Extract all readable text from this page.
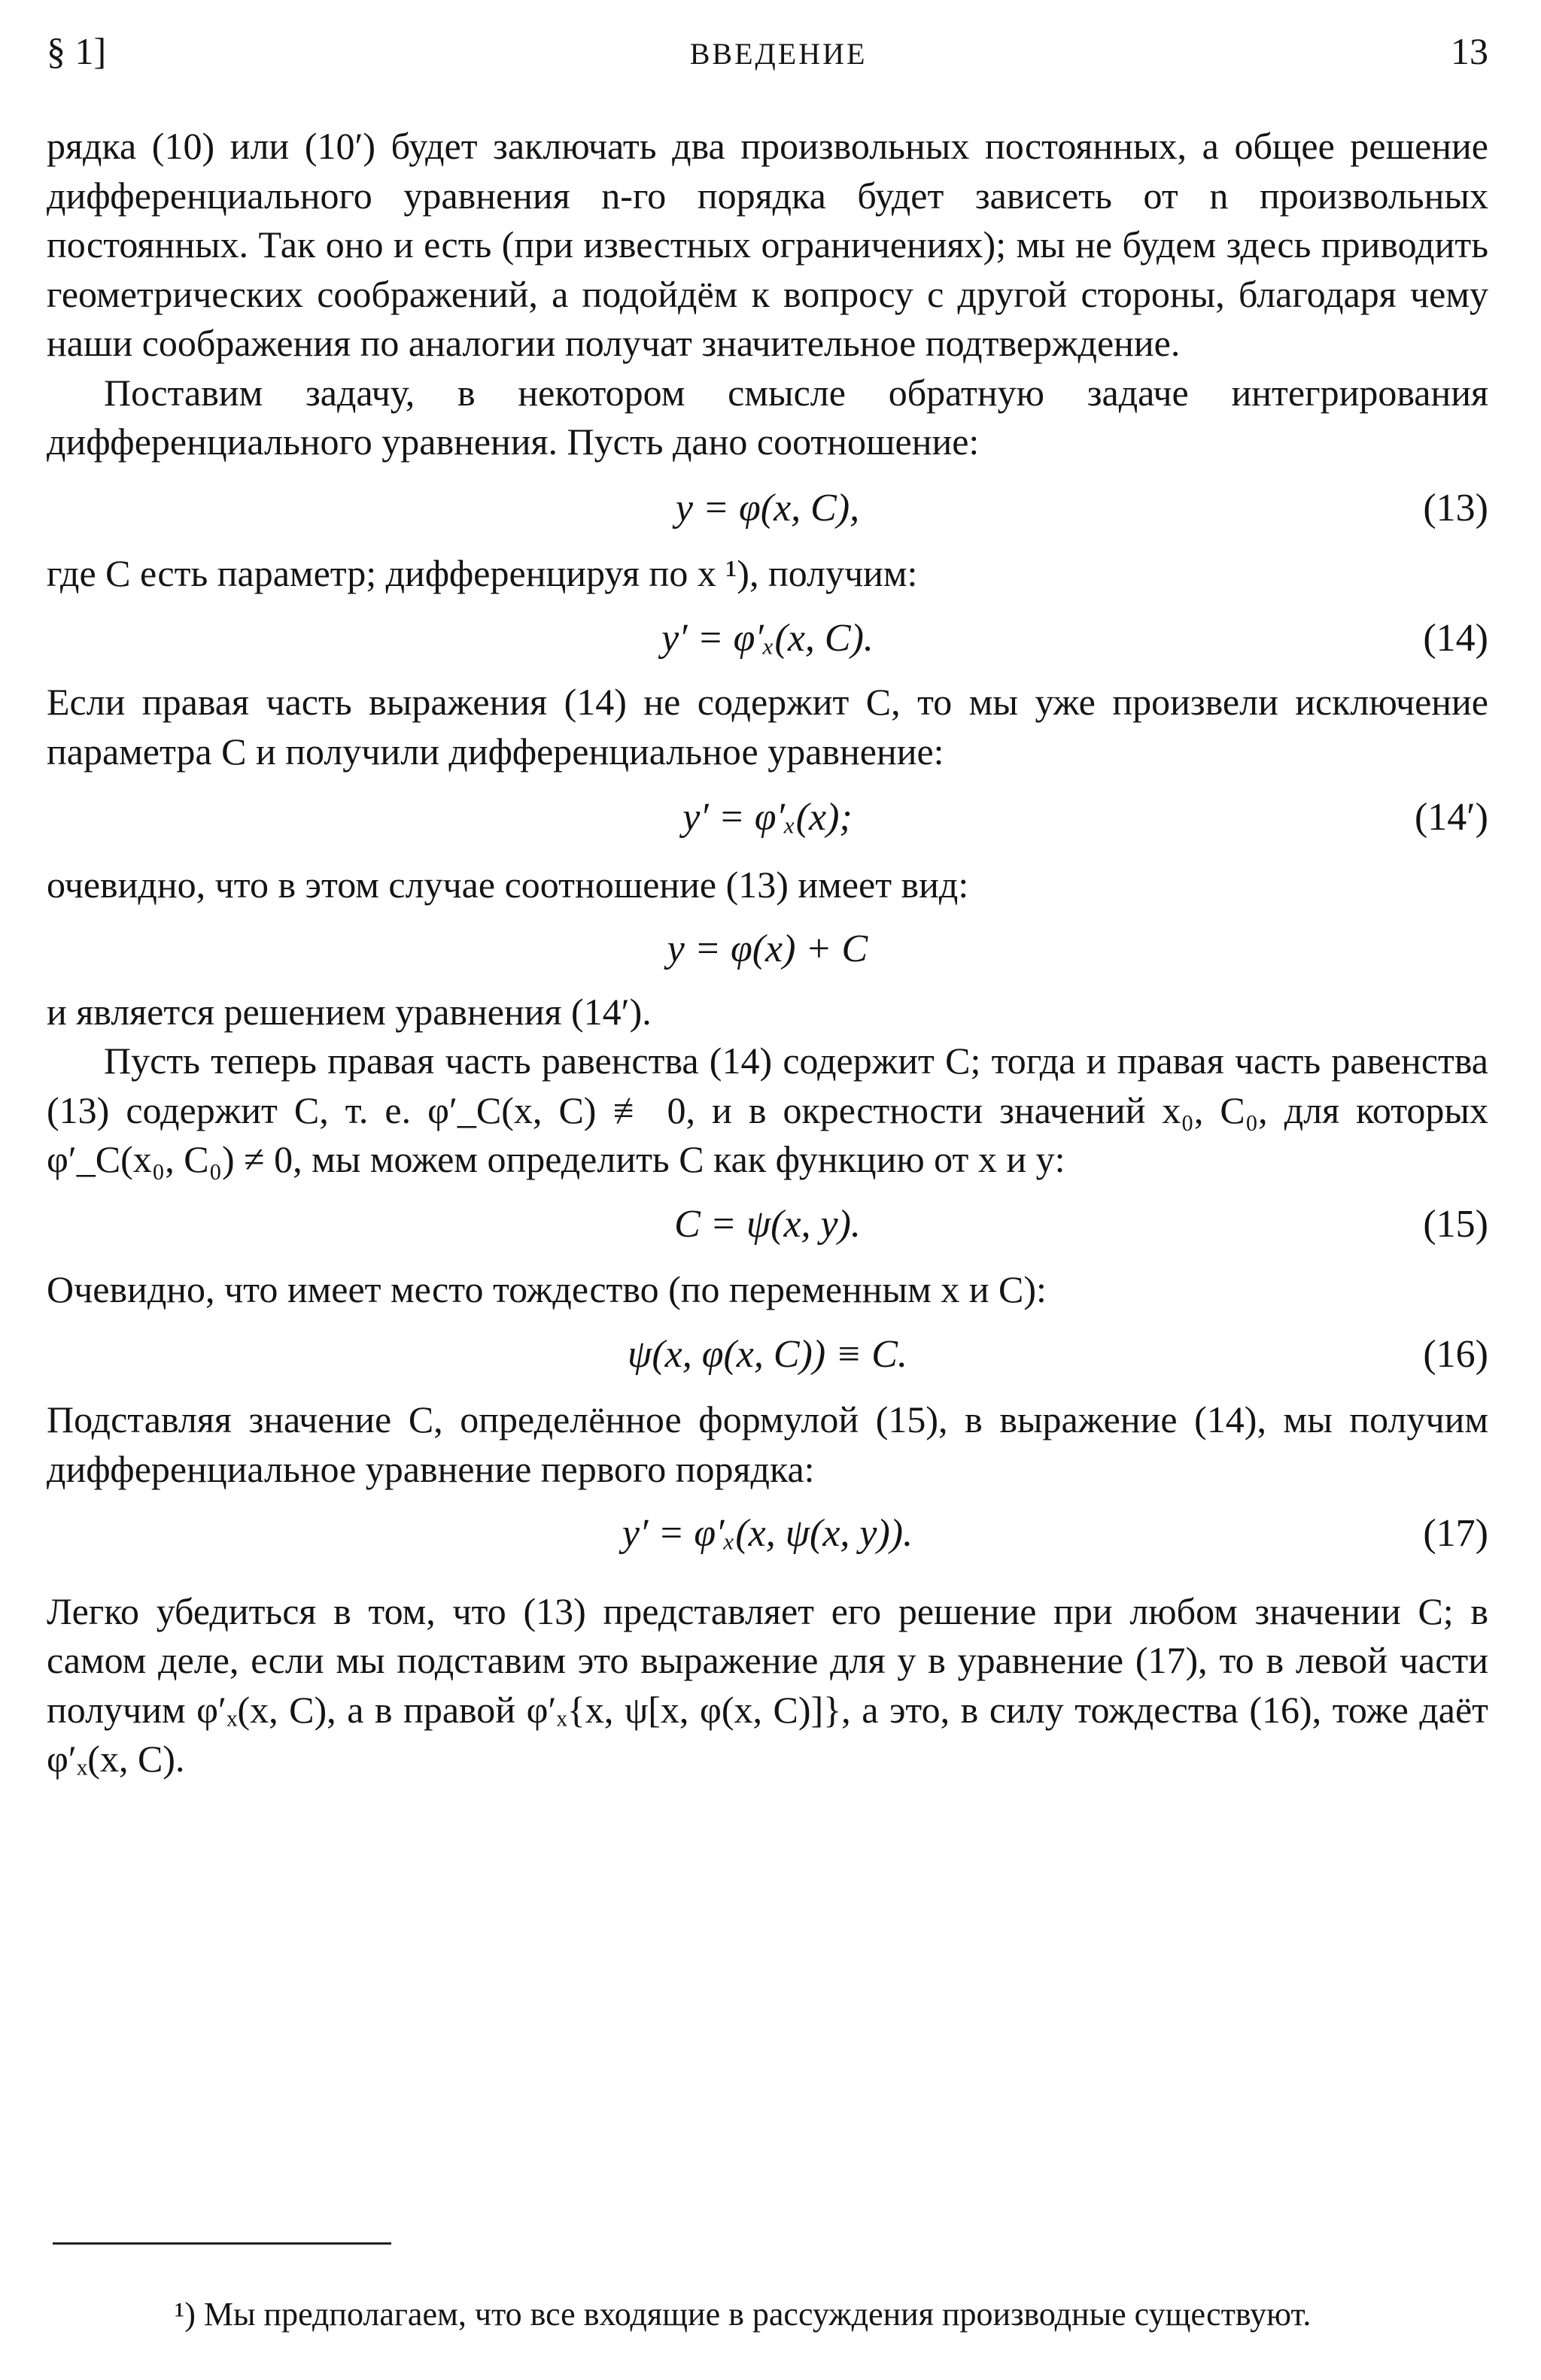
§ 1]	ВВЕДЕНИЕ	13

рядка (10) или (10′) будет заключать два произвольных постоянных, а общее решение дифференциального уравнения n-го порядка будет зависеть от n произвольных постоянных. Так оно и есть (при известных ограничениях); мы не будем здесь приводить геометрических соображений, а подойдём к вопросу с другой стороны, благодаря чему наши соображения по аналогии получат значительное подтверждение.

Поставим задачу, в некотором смысле обратную задаче интегрирования дифференциального уравнения. Пусть дано соотношение:

y = φ(x, C),	(13)

где C есть параметр; дифференцируя по x ¹), получим:

y′ = φ′ₓ(x, C).	(14)

Если правая часть выражения (14) не содержит C, то мы уже произвели исключение параметра C и получили дифференциальное уравнение:

y′ = φ′ₓ(x);	(14′)

очевидно, что в этом случае соотношение (13) имеет вид:

y = φ(x) + C

и является решением уравнения (14′).

Пусть теперь правая часть равенства (14) содержит C; тогда и правая часть равенства (13) содержит C, т. е. φ′_C(x, C) ≢ 0, и в окрестности значений x₀, C₀, для которых φ′_C(x₀, C₀) ≠ 0, мы можем определить C как функцию от x и y:

C = ψ(x, y).	(15)

Очевидно, что имеет место тождество (по переменным x и C):

ψ(x, φ(x, C)) ≡ C.	(16)

Подставляя значение C, определённое формулой (15), в выражение (14), мы получим дифференциальное уравнение первого порядка:

y′ = φ′ₓ(x, ψ(x, y)).	(17)

Легко убедиться в том, что (13) представляет его решение при любом значении C; в самом деле, если мы подставим это выражение для y в уравнение (17), то в левой части получим φ′ₓ(x, C), а в правой φ′ₓ{x, ψ[x, φ(x, C)]}, а это, в силу тождества (16), тоже даёт φ′ₓ(x, C).

¹) Мы предполагаем, что все входящие в рассуждения производные существуют.
